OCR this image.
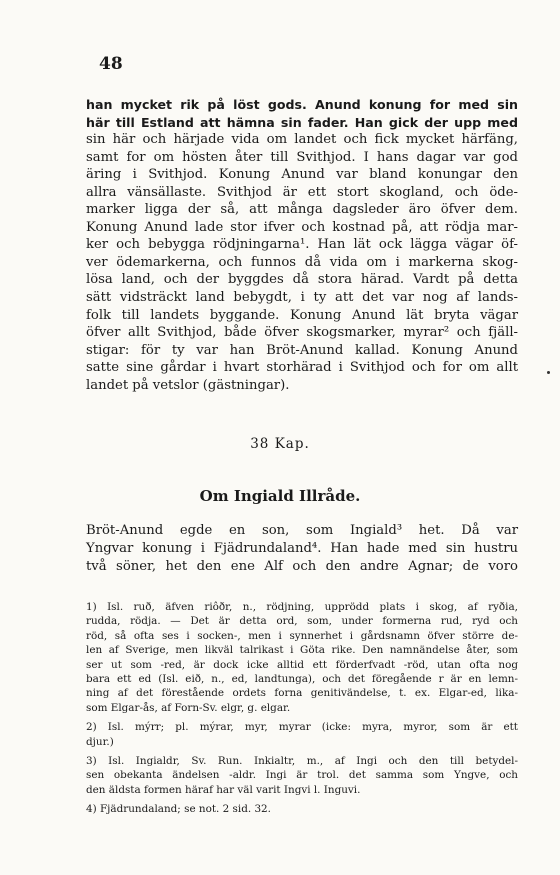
48
han mycket rik på löst gods. Anund konung for med sin
här till Estland att hämna sin fader. Han gick der upp med
sin här och härjade vida om landet och fick mycket härfäng,
samt for om hösten åter till Svithjod. I hans dagar var god
äring i Svithjod. Konung Anund var bland konungar den
allra vänsällaste. Svithjod är ett stort skogland, och öde-
marker ligga der så, att många dagsleder äro öfver dem.
Konung Anund lade stor ifver och kostnad på, att rödja mar-
ker och bebygga rödjningarna¹. Han lät ock lägga vägar öf-
ver ödemarkerna, och funnos då vida om i markerna skog-
lösa land, och der byggdes då stora härad. Vardt på detta
sätt vidsträckt land bebygdt, i ty att det var nog af lands-
folk till landets byggande. Konung Anund lät bryta vägar
öfver allt Svithjod, både öfver skogsmarker, myrar² och fjäll-
stigar: för ty var han Bröt-Anund kallad. Konung Anund
satte sine gårdar i hvart storhärad i Svithjod och for om allt
landet på vetslor (gästningar).
38 Kap.
Om Ingiald Illråde.
Bröt-Anund egde en son, som Ingiald³ het. Då var
Yngvar konung i Fjädrundaland⁴. Han hade med sin hustru
två söner, het den ene Alf och den andre Agnar; de voro
1) Isl. ruð, äfven riôðr, n., rödjning, upprödd plats i skog, af ryðia,
rudda, rödja. — Det är detta ord, som, under formerna rud, ryd och
röd, så ofta ses i socken-, men i synnerhet i gårdsnamn öfver större de-
len af Sverige, men likväl talrikast i Göta rike. Den namnändelse åter, som
ser ut som -red, är dock icke alltid ett förderfvadt -röd, utan ofta nog
bara ett ed (Isl. eið, n., ed, landtunga), och det föregående r är en lemn-
ning af det förestående ordets forna genitivändelse, t. ex. Elgar-ed, lika-
som Elgar-ås, af Forn-Sv. elgr, g. elgar.
2) Isl. mýrr; pl. mýrar, myr, myrar (icke: myra, myror, som är ett
djur.)
3) Isl. Ingialdr, Sv. Run. Inkialtr, m., af Ingi och den till betydel-
sen obekanta ändelsen -aldr. Ingi är trol. det samma som Yngve, och
den äldsta formen häraf har väl varit Ingvi l. Inguvi.
4) Fjädrundaland; se not. 2 sid. 32.
